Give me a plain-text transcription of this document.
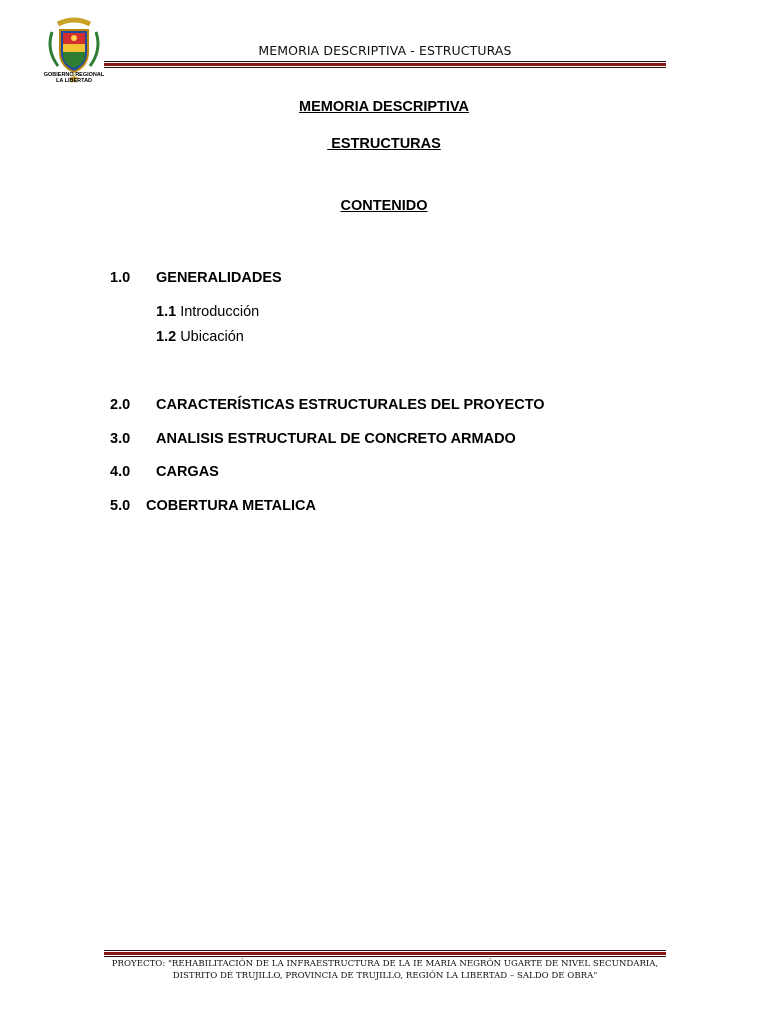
GOBIERNO REGIONAL
LA LIBERTAD
MEMORIA DESCRIPTIVA - ESTRUCTURAS
MEMORIA DESCRIPTIVA
ESTRUCTURAS
CONTENIDO
1.0 GENERALIDADES
1.1 Introducción
1.2 Ubicación
2.0 CARACTERÍSTICAS ESTRUCTURALES DEL PROYECTO
3.0 ANALISIS ESTRUCTURAL DE CONCRETO ARMADO
4.0 CARGAS
5.0 COBERTURA METALICA
PROYECTO: "REHABILITACIÓN DE LA INFRAESTRUCTURA DE LA IE MARIA NEGRÓN UGARTE DE NIVEL SECUNDARIA,
DISTRITO DE TRUJILLO, PROVINCIA DE TRUJILLO, REGIÓN LA LIBERTAD – SALDO DE OBRA"
